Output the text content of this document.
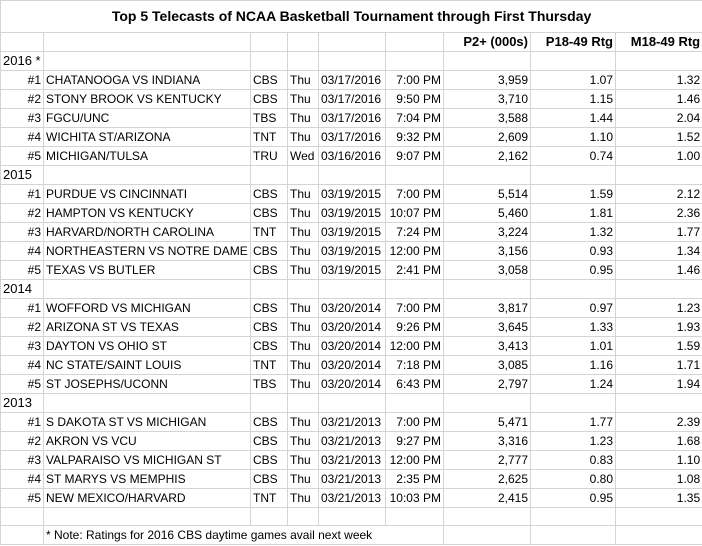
Top 5 Telecasts of NCAA Basketball Tournament through First Thursday								
						P2+ (000s)	P18-49 Rtg	M18-49 Rtg
2016 *								
#1	CHATANOOGA VS INDIANA	CBS	Thu	03/17/2016	7:00 PM	3,959	1.07	1.32
#2	STONY BROOK VS KENTUCKY	CBS	Thu	03/17/2016	9:50 PM	3,710	1.15	1.46
#3	FGCU/UNC	TBS	Thu	03/17/2016	7:04 PM	3,588	1.44	2.04
#4	WICHITA ST/ARIZONA	TNT	Thu	03/17/2016	9:32 PM	2,609	1.10	1.52
#5	MICHIGAN/TULSA	TRU	Wed	03/16/2016	9:07 PM	2,162	0.74	1.00
2015								
#1	PURDUE VS CINCINNATI	CBS	Thu	03/19/2015	7:00 PM	5,514	1.59	2.12
#2	HAMPTON VS KENTUCKY	CBS	Thu	03/19/2015	10:07 PM	5,460	1.81	2.36
#3	HARVARD/NORTH CAROLINA	TNT	Thu	03/19/2015	7:24 PM	3,224	1.32	1.77
#4	NORTHEASTERN VS NOTRE DAME	CBS	Thu	03/19/2015	12:00 PM	3,156	0.93	1.34
#5	TEXAS VS BUTLER	CBS	Thu	03/19/2015	2:41 PM	3,058	0.95	1.46
2014								
#1	WOFFORD VS MICHIGAN	CBS	Thu	03/20/2014	7:00 PM	3,817	0.97	1.23
#2	ARIZONA ST VS TEXAS	CBS	Thu	03/20/2014	9:26 PM	3,645	1.33	1.93
#3	DAYTON VS OHIO ST	CBS	Thu	03/20/2014	12:00 PM	3,413	1.01	1.59
#4	NC STATE/SAINT LOUIS	TNT	Thu	03/20/2014	7:18 PM	3,085	1.16	1.71
#5	ST JOSEPHS/UCONN	TBS	Thu	03/20/2014	6:43 PM	2,797	1.24	1.94
2013								
#1	S DAKOTA ST VS MICHIGAN	CBS	Thu	03/21/2013	7:00 PM	5,471	1.77	2.39
#2	AKRON VS VCU	CBS	Thu	03/21/2013	9:27 PM	3,316	1.23	1.68
#3	VALPARAISO VS MICHIGAN ST	CBS	Thu	03/21/2013	12:00 PM	2,777	0.83	1.10
#4	ST MARYS VS MEMPHIS	CBS	Thu	03/21/2013	2:35 PM	2,625	0.80	1.08
#5	NEW MEXICO/HARVARD	TNT	Thu	03/21/2013	10:03 PM	2,415	0.95	1.35

	* Note: Ratings for 2016 CBS daytime games avail next week							
